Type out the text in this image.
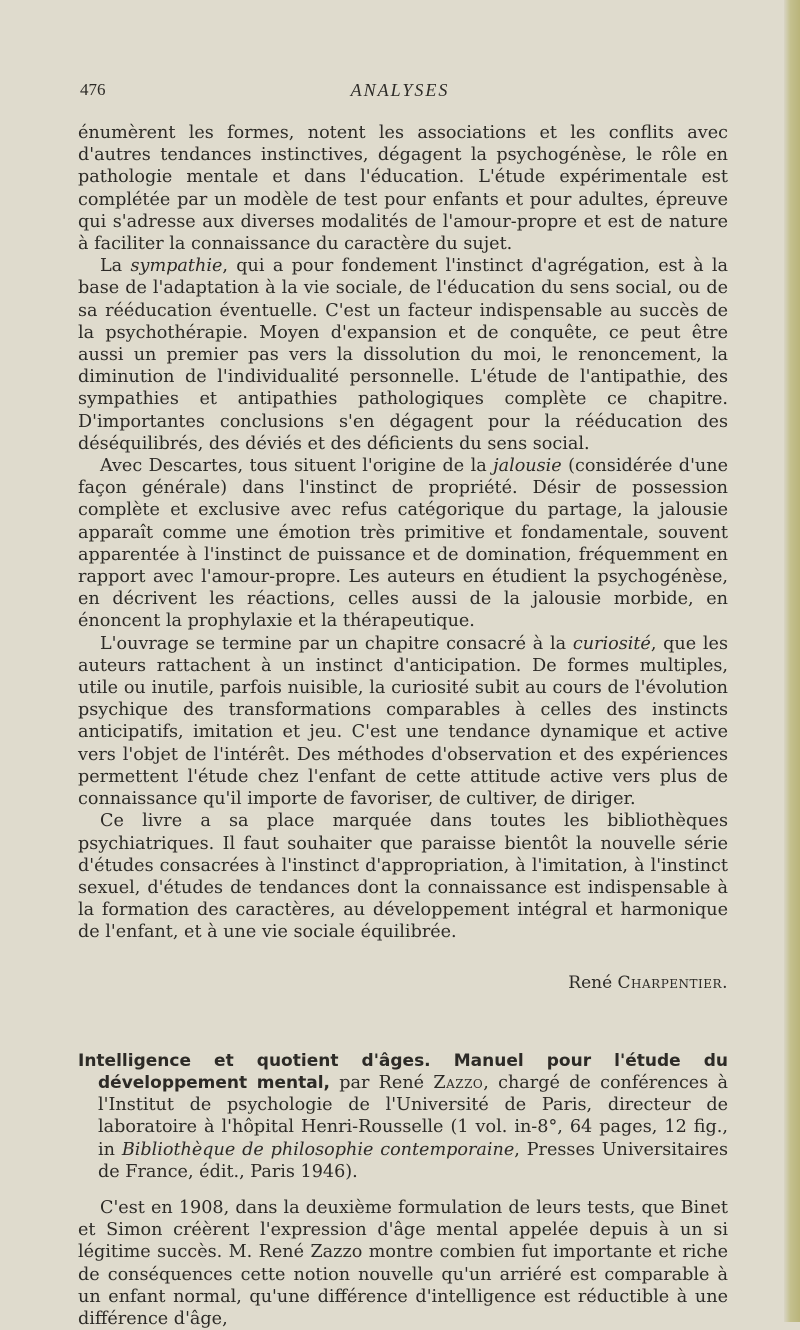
476	ANALYSES

énumèrent les formes, notent les associations et les conflits avec d'autres tendances instinctives, dégagent la psychogénèse, le rôle en pathologie mentale et dans l'éducation. L'étude expérimentale est complétée par un modèle de test pour enfants et pour adultes, épreuve qui s'adresse aux diverses modalités de l'amour-propre et est de nature à faciliter la connaissance du caractère du sujet.

La sympathie, qui a pour fondement l'instinct d'agrégation, est à la base de l'adaptation à la vie sociale, de l'éducation du sens social, ou de sa rééducation éventuelle. C'est un facteur indispensable au succès de la psychothérapie. Moyen d'expansion et de conquête, ce peut être aussi un premier pas vers la dissolution du moi, le renoncement, la diminution de l'individualité personnelle. L'étude de l'antipathie, des sympathies et antipathies pathologiques complète ce chapitre. D'importantes conclusions s'en dégagent pour la rééducation des déséquilibrés, des déviés et des déficients du sens social.

Avec Descartes, tous situent l'origine de la jalousie (considérée d'une façon générale) dans l'instinct de propriété. Désir de possession complète et exclusive avec refus catégorique du partage, la jalousie apparaît comme une émotion très primitive et fondamentale, souvent apparentée à l'instinct de puissance et de domination, fréquemment en rapport avec l'amour-propre. Les auteurs en étudient la psychogénèse, en décrivent les réactions, celles aussi de la jalousie morbide, en énoncent la prophylaxie et la thérapeutique.

L'ouvrage se termine par un chapitre consacré à la curiosité, que les auteurs rattachent à un instinct d'anticipation. De formes multiples, utile ou inutile, parfois nuisible, la curiosité subit au cours de l'évolution psychique des transformations comparables à celles des instincts anticipatifs, imitation et jeu. C'est une tendance dynamique et active vers l'objet de l'intérêt. Des méthodes d'observation et des expériences permettent l'étude chez l'enfant de cette attitude active vers plus de connaissance qu'il importe de favoriser, de cultiver, de diriger.

Ce livre a sa place marquée dans toutes les bibliothèques psychiatriques. Il faut souhaiter que paraisse bientôt la nouvelle série d'études consacrées à l'instinct d'appropriation, à l'imitation, à l'instinct sexuel, d'études de tendances dont la connaissance est indispensable à la formation des caractères, au développement intégral et harmonique de l'enfant, et à une vie sociale équilibrée.

René Charpentier.

Intelligence et quotient d'âges. Manuel pour l'étude du développement mental, par René Zazzo, chargé de conférences à l'Institut de psychologie de l'Université de Paris, directeur de laboratoire à l'hôpital Henri-Rousselle (1 vol. in-8°, 64 pages, 12 fig., in Bibliothèque de philosophie contemporaine, Presses Universitaires de France, édit., Paris 1946).

C'est en 1908, dans la deuxième formulation de leurs tests, que Binet et Simon créèrent l'expression d'âge mental appelée depuis à un si légitime succès. M. René Zazzo montre combien fut importante et riche de conséquences cette notion nouvelle qu'un arriéré est comparable à un enfant normal, qu'une différence d'intelligence est réductible à une différence d'âge,
